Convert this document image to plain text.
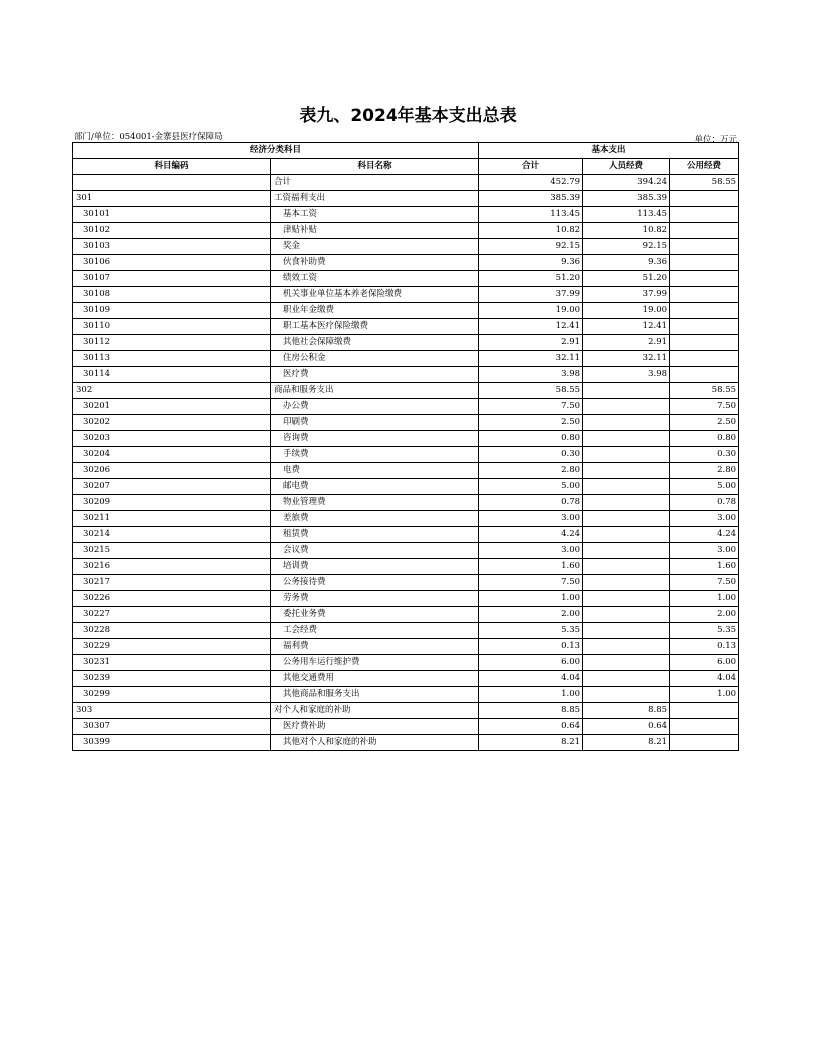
表九、2024年基本支出总表
部门/单位：054001-金寨县医疗保障局	单位：万元
经济分类科目		基本支出		
科目编码	科目名称	合计	人员经费	公用经费
	合计	452.79	394.24	58.55
301	工资福利支出	385.39	385.39	
30101	基本工资	113.45	113.45	
30102	津贴补贴	10.82	10.82	
30103	奖金	92.15	92.15	
30106	伙食补助费	9.36	9.36	
30107	绩效工资	51.20	51.20	
30108	机关事业单位基本养老保险缴费	37.99	37.99	
30109	职业年金缴费	19.00	19.00	
30110	职工基本医疗保险缴费	12.41	12.41	
30112	其他社会保障缴费	2.91	2.91	
30113	住房公积金	32.11	32.11	
30114	医疗费	3.98	3.98	
302	商品和服务支出	58.55		58.55
30201	办公费	7.50		7.50
30202	印刷费	2.50		2.50
30203	咨询费	0.80		0.80
30204	手续费	0.30		0.30
30206	电费	2.80		2.80
30207	邮电费	5.00		5.00
30209	物业管理费	0.78		0.78
30211	差旅费	3.00		3.00
30214	租赁费	4.24		4.24
30215	会议费	3.00		3.00
30216	培训费	1.60		1.60
30217	公务接待费	7.50		7.50
30226	劳务费	1.00		1.00
30227	委托业务费	2.00		2.00
30228	工会经费	5.35		5.35
30229	福利费	0.13		0.13
30231	公务用车运行维护费	6.00		6.00
30239	其他交通费用	4.04		4.04
30299	其他商品和服务支出	1.00		1.00
303	对个人和家庭的补助	8.85	8.85	
30307	医疗费补助	0.64	0.64	
30399	其他对个人和家庭的补助	8.21	8.21	
